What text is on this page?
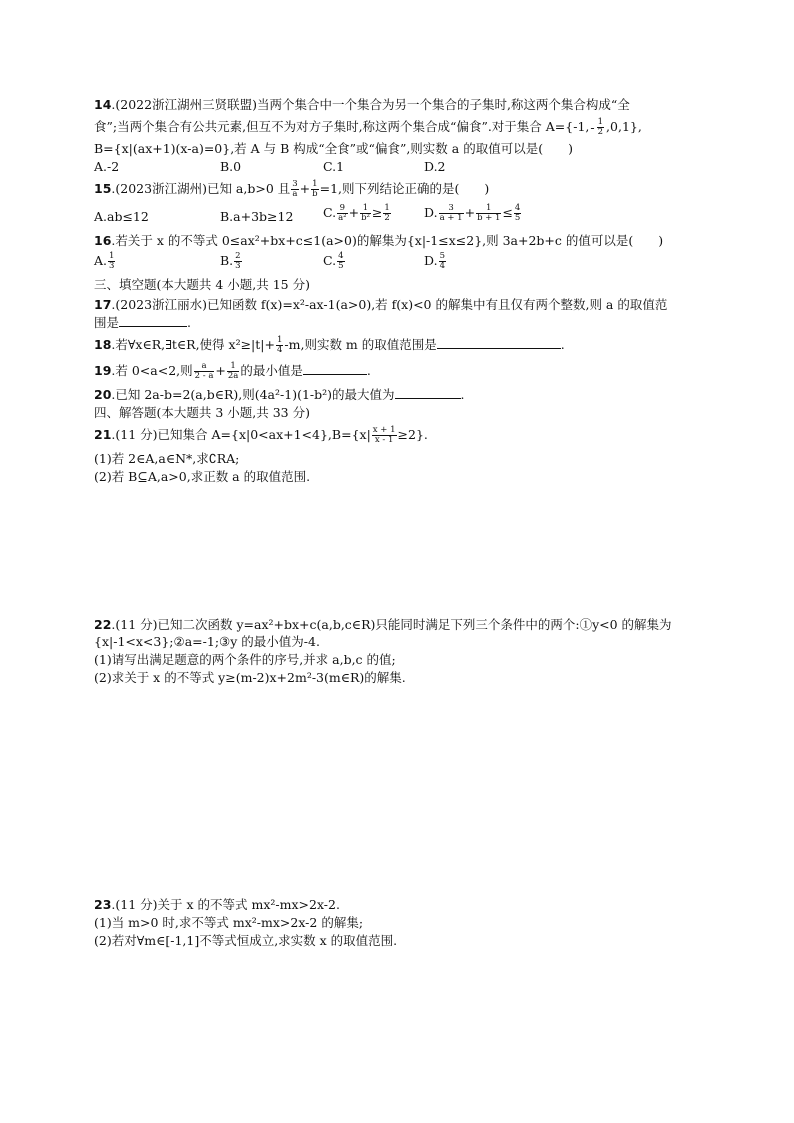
14.(2022浙江湖州三贤联盟)当两个集合中一个集合为另一个集合的子集时,称这两个集合构成“全
食”;当两个集合有公共元素,但互不为对方子集时,称这两个集合成“偏食”.对于集合 A={-1, - $\frac{1}{2} ,0,1$},
B={x|(ax+1)(x-a)=0},若 A 与 B 构成“全食”或“偏食”,则实数 a 的取值可以是(　　)
A.-2	B.0	C.1	D.2
15.(2023浙江湖州)已知 a,b>0 且 $\frac{3}{a} + \frac{1}{b} =1$,则下列结论正确的是(　　)
A.ab≤12	B.a+3b≥12 C. $\frac{9}{\text{a²}} + \frac{1}{\text{b²}} \ge \frac{1}{2}$	D. $\frac{3}{a + 1} + \frac{1}{b + 1} \le \frac{4}{5}$
16.若关于 x 的不等式 0≤ax²+bx+c≤1(a>0)的解集为{x|-1≤x≤2},则 3a+2b+c 的值可以是(　　)
A. $\frac{1}{3}$	B. $\frac{2}{3}$	C. $\frac{4}{5}$	D. $\frac{5}{4}$
三、填空题(本大题共 4 小题,共 15 分)
17.(2023浙江丽水)已知函数 f(x)=x²-ax-1(a>0),若 f(x)<0 的解集中有且仅有两个整数,则 a 的取值范
围是	.
18.若∀x∈R,∃t∈R,使得 $x^2\ge|t|+ \frac{1}{4} -m$,则实数 m 的取值范围是	.
19.若 0<a<2,则 $\frac{a}{2 - a} + \frac{1}{2a}$ 的最小值是	.
20.已知 2a-b=2(a,b∈R),则(4a²-1)(1-b²)的最大值为	.
四、解答题(本大题共 3 小题,共 33 分)
21.(11 分)已知集合 $A=\{x|0<ax+1<4\},B=\{x| \frac{x + 1}{x - 1} \ge 2\}$.
(1)若 2∈A,a∈N*,求∁RA;
(2)若 B⊆A,a>0,求正数 a 的取值范围.
22.(11 分)已知二次函数 y=ax²+bx+c(a,b,c∈R)只能同时满足下列三个条件中的两个:①y<0 的解集为
{x|-1<x<3};②a=-1;③y 的最小值为-4.
(1)请写出满足题意的两个条件的序号,并求 a,b,c 的值;
(2)求关于 x 的不等式 y≥(m-2)x+2m²-3(m∈R)的解集.
23.(11 分)关于 x 的不等式 mx²-mx>2x-2.
(1)当 m>0 时,求不等式 mx²-mx>2x-2 的解集;
(2)若对∀m∈[-1,1]不等式恒成立,求实数 x 的取值范围.
